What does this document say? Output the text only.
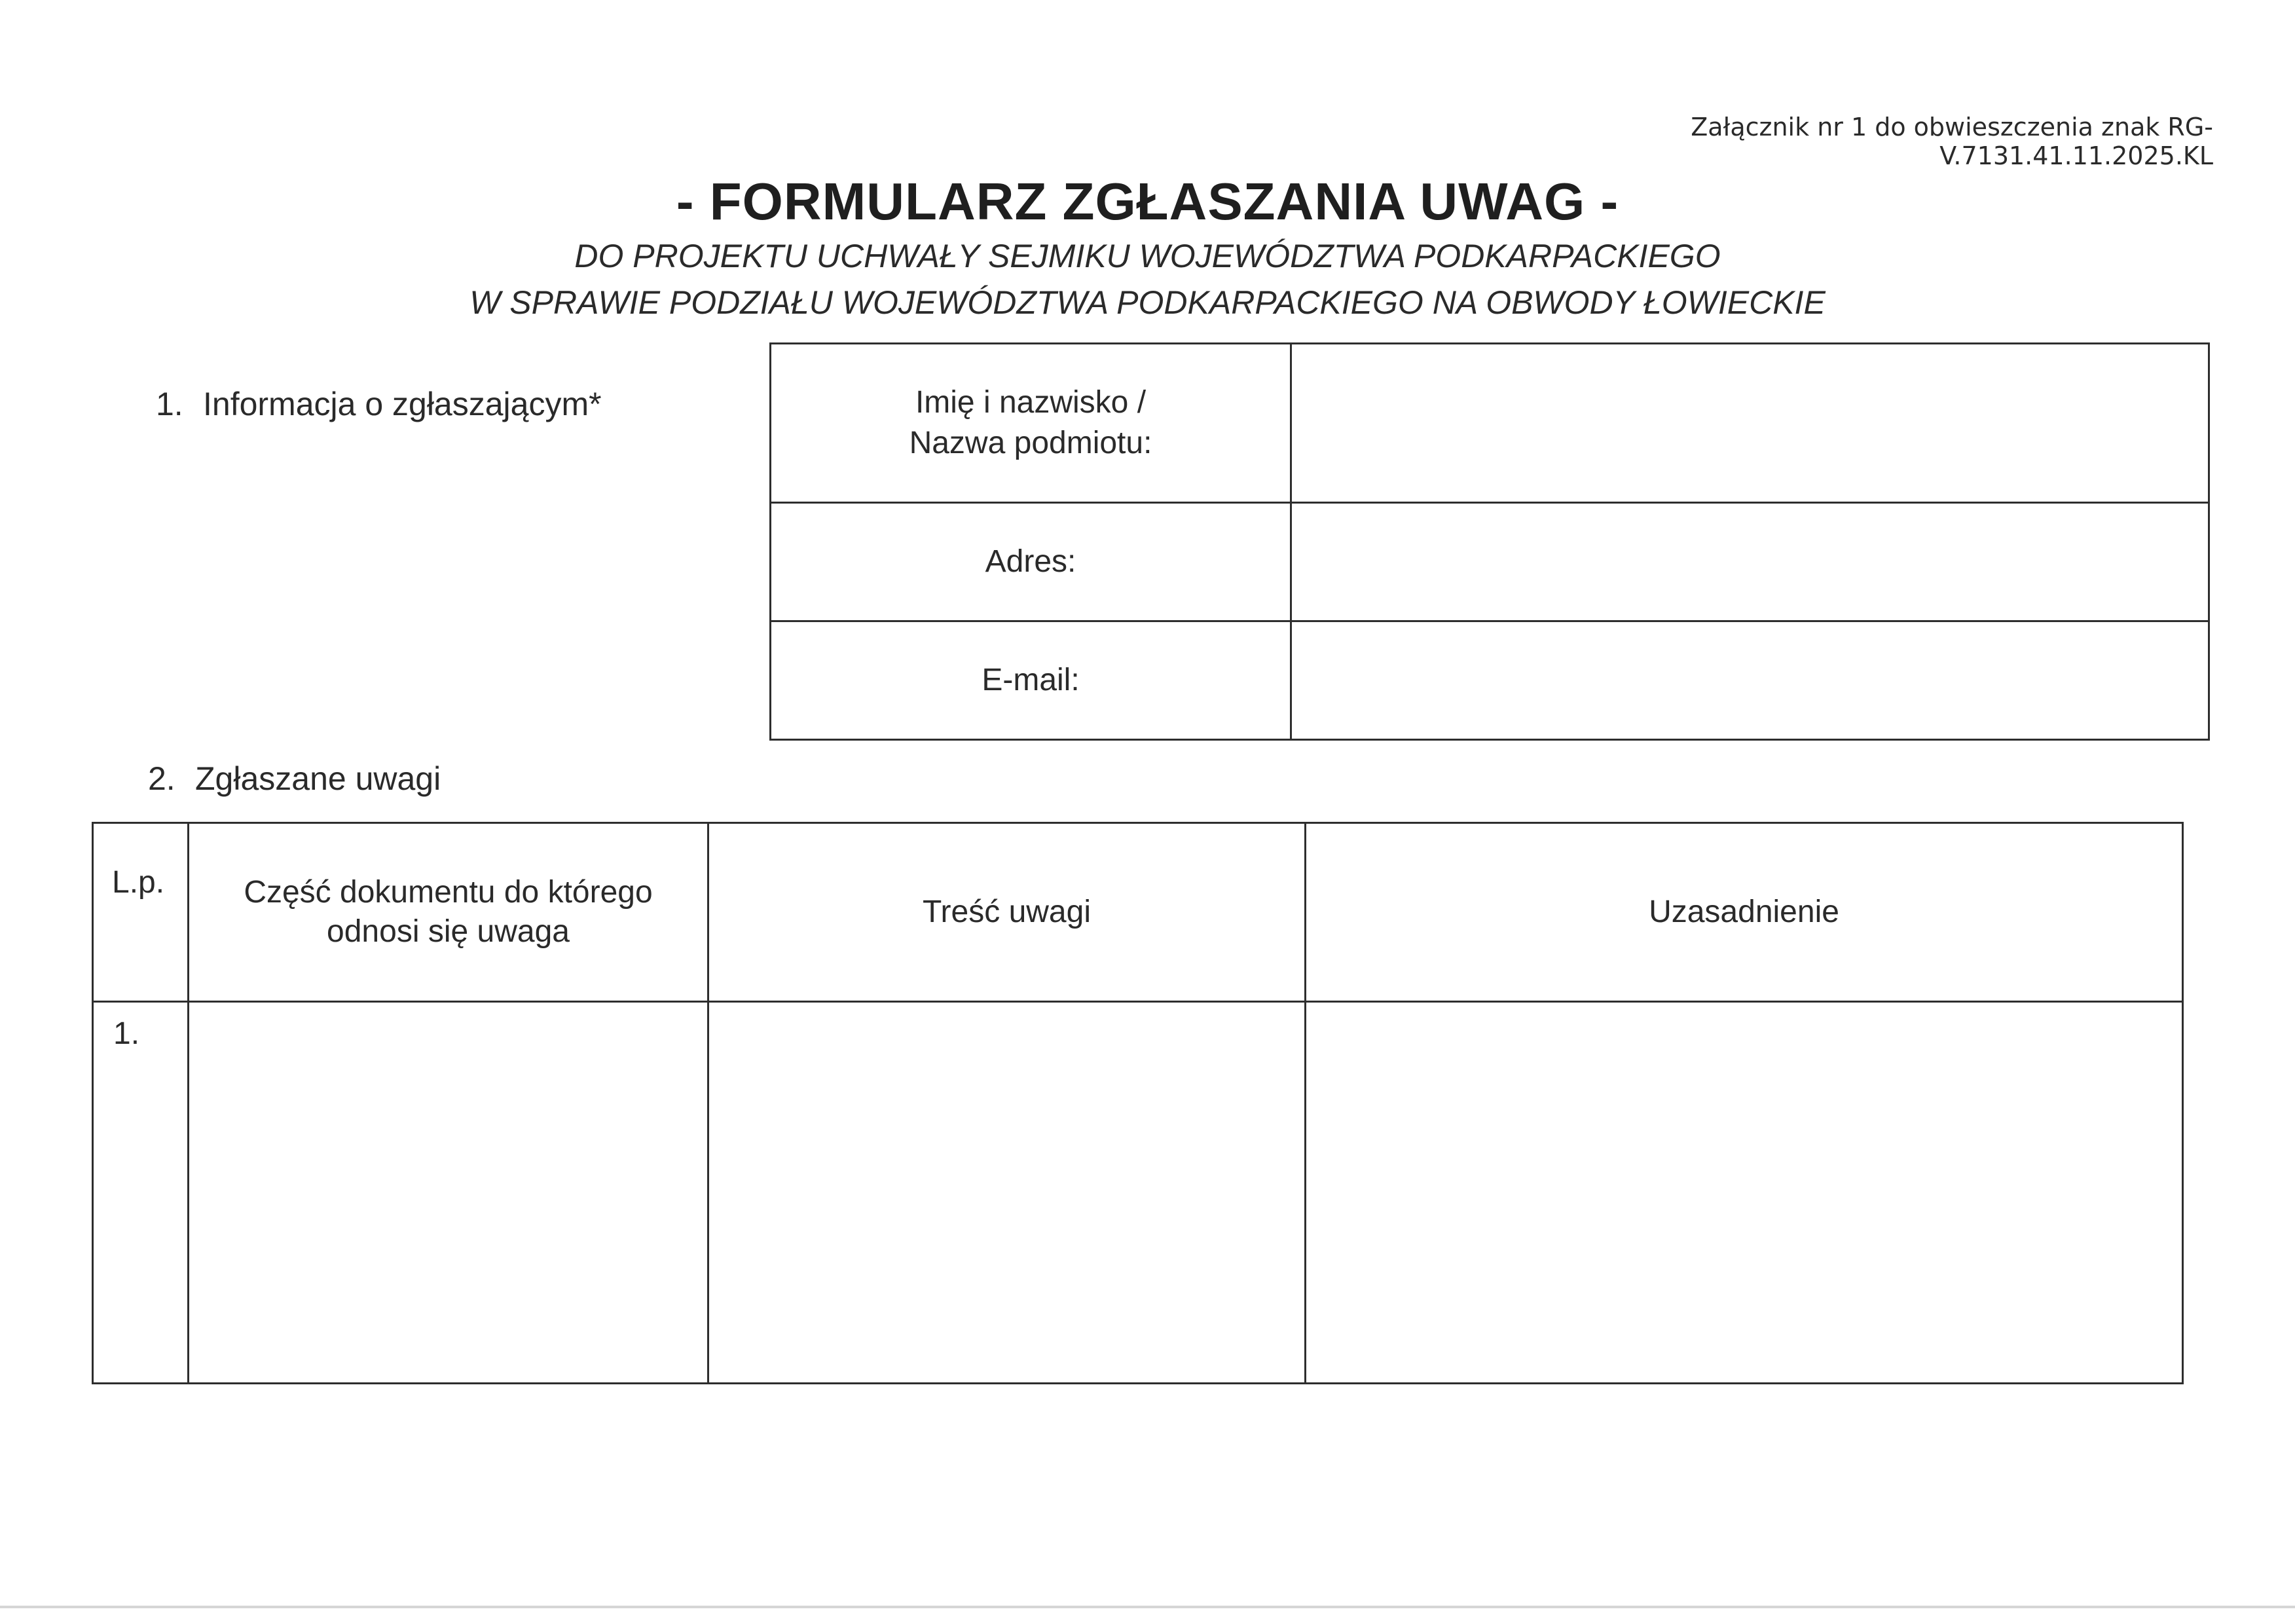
Załącznik nr 1 do obwieszczenia znak RG-V.7131.41.11.2025.KL
- FORMULARZ ZGŁASZANIA UWAG -
DO PROJEKTU UCHWAŁY SEJMIKU WOJEWÓDZTWA PODKARPACKIEGO
W SPRAWIE PODZIAŁU WOJEWÓDZTWA PODKARPACKIEGO NA OBWODY ŁOWIECKIE
1. Informacja o zgłaszającym*	Imię i nazwisko /
Nazwa podmiotu:	

Adres:	
E-mail:	
2. Zgłaszane uwagi
L.p.	Część dokumentu do którego
odnosi się uwaga	Treść uwagi	Uzasadnienie
1.			
